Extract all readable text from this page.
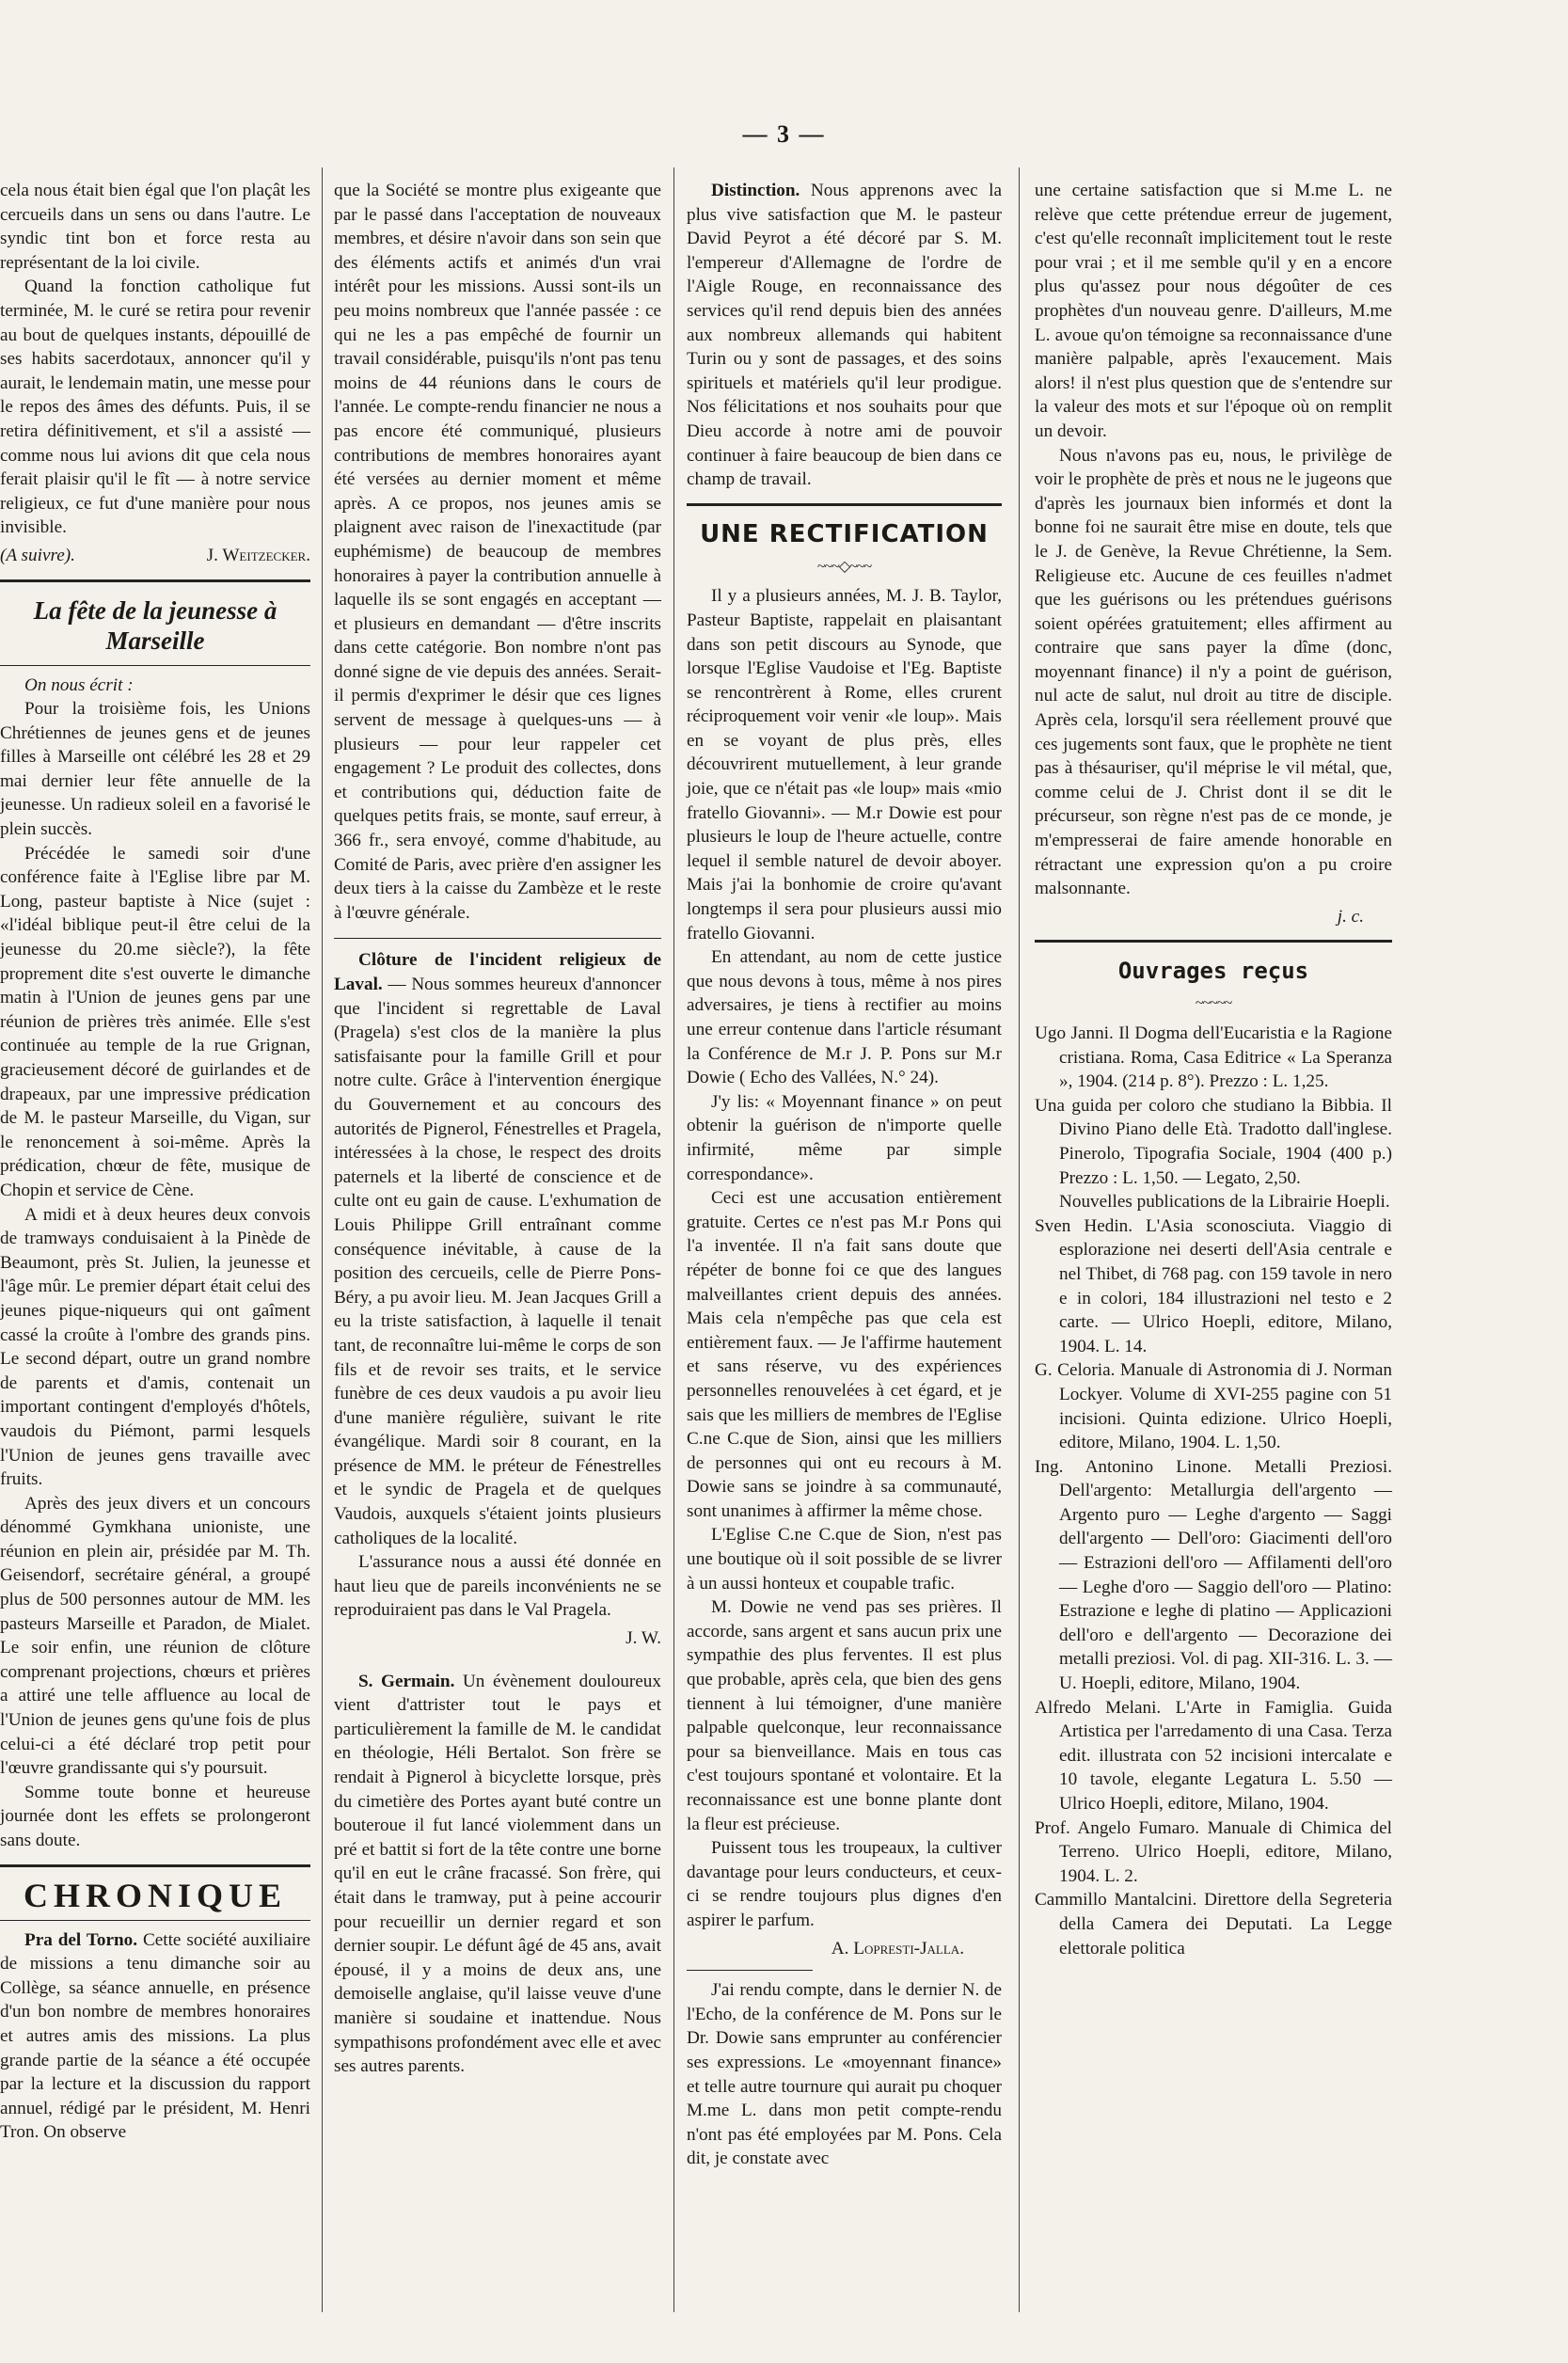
— 3 —

cela nous était bien égal que l'on plaçât les cercueils dans un sens ou dans l'autre. Le syndic tint bon et force resta au représentant de la loi civile.

Quand la fonction catholique fut terminée, M. le curé se retira pour revenir au bout de quelques instants, dépouillé de ses habits sacerdotaux, annoncer qu'il y aurait, le lendemain matin, une messe pour le repos des âmes des défunts. Puis, il se retira définitivement, et s'il a assisté — comme nous lui avions dit que cela nous ferait plaisir qu'il le fît — à notre service religieux, ce fut d'une manière pour nous invisible.

(A suivre).	J. Weitzecker.
La fête de la jeunesse à Marseille

On nous écrit :

Pour la troisième fois, les Unions Chrétiennes de jeunes gens et de jeunes filles à Marseille ont célébré les 28 et 29 mai dernier leur fête annuelle de la jeunesse. Un radieux soleil en a favorisé le plein succès.

Précédée le samedi soir d'une conférence faite à l'Eglise libre par M. Long, pasteur baptiste à Nice (sujet : «l'idéal biblique peut-il être celui de la jeunesse du 20.me siècle?), la fête proprement dite s'est ouverte le dimanche matin à l'Union de jeunes gens par une réunion de prières très animée. Elle s'est continuée au temple de la rue Grignan, gracieusement décoré de guirlandes et de drapeaux, par une impressive prédication de M. le pasteur Marseille, du Vigan, sur le renoncement à soi-même. Après la prédication, chœur de fête, musique de Chopin et service de Cène.

A midi et à deux heures deux convois de tramways conduisaient à la Pinède de Beaumont, près St. Julien, la jeunesse et l'âge mûr. Le premier départ était celui des jeunes pique-niqueurs qui ont gaîment cassé la croûte à l'ombre des grands pins. Le second départ, outre un grand nombre de parents et d'amis, contenait un important contingent d'employés d'hôtels, vaudois du Piémont, parmi lesquels l'Union de jeunes gens travaille avec fruits.

Après des jeux divers et un concours dénommé Gymkhana unioniste, une réunion en plein air, présidée par M. Th. Geisendorf, secrétaire général, a groupé plus de 500 personnes autour de MM. les pasteurs Marseille et Paradon, de Mialet. Le soir enfin, une réunion de clôture comprenant projections, chœurs et prières a attiré une telle affluence au local de l'Union de jeunes gens qu'une fois de plus celui-ci a été déclaré trop petit pour l'œuvre grandissante qui s'y poursuit.

Somme toute bonne et heureuse journée dont les effets se prolongeront sans doute.

CHRONIQUE

Pra del Torno. Cette société auxiliaire de missions a tenu dimanche soir au Collège, sa séance annuelle, en présence d'un bon nombre de membres honoraires et autres amis des missions. La plus grande partie de la séance a été occupée par la lecture et la discussion du rapport annuel, rédigé par le président, M. Henri Tron. On observe

que la Société se montre plus exigeante que par le passé dans l'acceptation de nouveaux membres, et désire n'avoir dans son sein que des éléments actifs et animés d'un vrai intérêt pour les missions. Aussi sont-ils un peu moins nombreux que l'année passée : ce qui ne les a pas empêché de fournir un travail considérable, puisqu'ils n'ont pas tenu moins de 44 réunions dans le cours de l'année. Le compte-rendu financier ne nous a pas encore été communiqué, plusieurs contributions de membres honoraires ayant été versées au dernier moment et même après. A ce propos, nos jeunes amis se plaignent avec raison de l'inexactitude (par euphémisme) de beaucoup de membres honoraires à payer la contribution annuelle à laquelle ils se sont engagés en acceptant — et plusieurs en demandant — d'être inscrits dans cette catégorie. Bon nombre n'ont pas donné signe de vie depuis des années. Serait-il permis d'exprimer le désir que ces lignes servent de message à quelques-uns — à plusieurs — pour leur rappeler cet engagement ? Le produit des collectes, dons et contributions qui, déduction faite de quelques petits frais, se monte, sauf erreur, à 366 fr., sera envoyé, comme d'habitude, au Comité de Paris, avec prière d'en assigner les deux tiers à la caisse du Zambèze et le reste à l'œuvre générale.

Clôture de l'incident religieux de Laval. — Nous sommes heureux d'annoncer que l'incident si regrettable de Laval (Pragela) s'est clos de la manière la plus satisfaisante pour la famille Grill et pour notre culte. Grâce à l'intervention énergique du Gouvernement et au concours des autorités de Pignerol, Fénestrelles et Pragela, intéressées à la chose, le respect des droits paternels et la liberté de conscience et de culte ont eu gain de cause. L'exhumation de Louis Philippe Grill entraînant comme conséquence inévitable, à cause de la position des cercueils, celle de Pierre Pons-Béry, a pu avoir lieu. M. Jean Jacques Grill a eu la triste satisfaction, à laquelle il tenait tant, de reconnaître lui-même le corps de son fils et de revoir ses traits, et le service funèbre de ces deux vaudois a pu avoir lieu d'une manière régulière, suivant le rite évangélique. Mardi soir 8 courant, en la présence de MM. le préteur de Fénestrelles et le syndic de Pragela et de quelques Vaudois, auxquels s'étaient joints plusieurs catholiques de la localité.

L'assurance nous a aussi été donnée en haut lieu que de pareils inconvénients ne se reproduiraient pas dans le Val Pragela.

J. W.

S. Germain. Un évènement douloureux vient d'attrister tout le pays et particulièrement la famille de M. le candidat en théologie, Héli Bertalot. Son frère se rendait à Pignerol à bicyclette lorsque, près du cimetière des Portes ayant buté contre un bouteroue il fut lancé violemment dans un pré et battit si fort de la tête contre une borne qu'il en eut le crâne fracassé. Son frère, qui était dans le tramway, put à peine accourir pour recueillir un dernier regard et son dernier soupir. Le défunt âgé de 45 ans, avait épousé, il y a moins de deux ans, une demoiselle anglaise, qu'il laisse veuve d'une manière si soudaine et inattendue. Nous sympathisons profondément avec elle et avec ses autres parents.

Distinction. Nous apprenons avec la plus vive satisfaction que M. le pasteur David Peyrot a été décoré par S. M. l'empereur d'Allemagne de l'ordre de l'Aigle Rouge, en reconnaissance des services qu'il rend depuis bien des années aux nombreux allemands qui habitent Turin ou y sont de passages, et des soins spirituels et matériels qu'il leur prodigue. Nos félicitations et nos souhaits pour que Dieu accorde à notre ami de pouvoir continuer à faire beaucoup de bien dans ce champ de travail.

UNE RECTIFICATION
~~~◇~~~

Il y a plusieurs années, M. J. B. Taylor, Pasteur Baptiste, rappelait en plaisantant dans son petit discours au Synode, que lorsque l'Eglise Vaudoise et l'Eg. Baptiste se rencontrèrent à Rome, elles crurent réciproquement voir venir «le loup». Mais en se voyant de plus près, elles découvrirent mutuellement, à leur grande joie, que ce n'était pas «le loup» mais «mio fratello Giovanni». — M.r Dowie est pour plusieurs le loup de l'heure actuelle, contre lequel il semble naturel de devoir aboyer. Mais j'ai la bonhomie de croire qu'avant longtemps il sera pour plusieurs aussi mio fratello Giovanni.

En attendant, au nom de cette justice que nous devons à tous, même à nos pires adversaires, je tiens à rectifier au moins une erreur contenue dans l'article résumant la Conférence de M.r J. P. Pons sur M.r Dowie ( Echo des Vallées, N.° 24).

J'y lis: « Moyennant finance » on peut obtenir la guérison de n'importe quelle infirmité, même par simple correspondance».

Ceci est une accusation entièrement gratuite. Certes ce n'est pas M.r Pons qui l'a inventée. Il n'a fait sans doute que répéter de bonne foi ce que des langues malveillantes crient depuis des années. Mais cela n'empêche pas que cela est entièrement faux. — Je l'affirme hautement et sans réserve, vu des expériences personnelles renouvelées à cet égard, et je sais que les milliers de membres de l'Eglise C.ne C.que de Sion, ainsi que les milliers de personnes qui ont eu recours à M. Dowie sans se joindre à sa communauté, sont unanimes à affirmer la même chose.

L'Eglise C.ne C.que de Sion, n'est pas une boutique où il soit possible de se livrer à un aussi honteux et coupable trafic.

M. Dowie ne vend pas ses prières. Il accorde, sans argent et sans aucun prix une sympathie des plus ferventes. Il est plus que probable, après cela, que bien des gens tiennent à lui témoigner, d'une manière palpable quelconque, leur reconnaissance pour sa bienveillance. Mais en tous cas c'est toujours spontané et volontaire. Et la reconnaissance est une bonne plante dont la fleur est précieuse.

Puissent tous les troupeaux, la cultiver davantage pour leurs conducteurs, et ceux-ci se rendre toujours plus dignes d'en aspirer le parfum.

A. Lopresti-Jalla.

J'ai rendu compte, dans le dernier N. de l'Echo, de la conférence de M. Pons sur le Dr. Dowie sans emprunter au conférencier ses expressions. Le «moyennant finance» et telle autre tournure qui aurait pu choquer M.me L. dans mon petit compte-rendu n'ont pas été employées par M. Pons. Cela dit, je constate avec

une certaine satisfaction que si M.me L. ne relève que cette prétendue erreur de jugement, c'est qu'elle reconnaît implicitement tout le reste pour vrai ; et il me semble qu'il y en a encore plus qu'assez pour nous dégoûter de ces prophètes d'un nouveau genre. D'ailleurs, M.me L. avoue qu'on témoigne sa reconnaissance d'une manière palpable, après l'exaucement. Mais alors! il n'est plus question que de s'entendre sur la valeur des mots et sur l'époque où on remplit un devoir.

Nous n'avons pas eu, nous, le privilège de voir le prophète de près et nous ne le jugeons que d'après les journaux bien informés et dont la bonne foi ne saurait être mise en doute, tels que le J. de Genève, la Revue Chrétienne, la Sem. Religieuse etc. Aucune de ces feuilles n'admet que les guérisons ou les prétendues guérisons soient opérées gratuitement; elles affirment au contraire que sans payer la dîme (donc, moyennant finance) il n'y a point de guérison, nul acte de salut, nul droit au titre de disciple. Après cela, lorsqu'il sera réellement prouvé que ces jugements sont faux, que le prophète ne tient pas à thésauriser, qu'il méprise le vil métal, que, comme celui de J. Christ dont il se dit le précurseur, son règne n'est pas de ce monde, je m'empresserai de faire amende honorable en rétractant une expression qu'on a pu croire malsonnante.

j. c.
Ouvrages reçus
~~~~~

Ugo Janni. Il Dogma dell'Eucaristia e la Ragione cristiana. Roma, Casa Editrice « La Speranza », 1904. (214 p. 8°). Prezzo : L. 1,25.

Una guida per coloro che studiano la Bibbia. Il Divino Piano delle Età. Tradotto dall'inglese. Pinerolo, Tipografia Sociale, 1904 (400 p.) Prezzo : L. 1,50. — Legato, 2,50.

Nouvelles publications de la Librairie Hoepli.

Sven Hedin. L'Asia sconosciuta. Viaggio di esplorazione nei deserti dell'Asia centrale e nel Thibet, di 768 pag. con 159 tavole in nero e in colori, 184 illustrazioni nel testo e 2 carte. — Ulrico Hoepli, editore, Milano, 1904. L. 14.

G. Celoria. Manuale di Astronomia di J. Norman Lockyer. Volume di XVI-255 pagine con 51 incisioni. Quinta edizione. Ulrico Hoepli, editore, Milano, 1904. L. 1,50.

Ing. Antonino Linone. Metalli Preziosi. Dell'argento: Metallurgia dell'argento — Argento puro — Leghe d'argento — Saggi dell'argento — Dell'oro: Giacimenti dell'oro — Estrazioni dell'oro — Affilamenti dell'oro — Leghe d'oro — Saggio dell'oro — Platino: Estrazione e leghe di platino — Applicazioni dell'oro e dell'argento — Decorazione dei metalli preziosi. Vol. di pag. XII-316. L. 3. — U. Hoepli, editore, Milano, 1904.

Alfredo Melani. L'Arte in Famiglia. Guida Artistica per l'arredamento di una Casa. Terza edit. illustrata con 52 incisioni intercalate e 10 tavole, elegante Legatura L. 5.50 — Ulrico Hoepli, editore, Milano, 1904.

Prof. Angelo Fumaro. Manuale di Chimica del Terreno. Ulrico Hoepli, editore, Milano, 1904. L. 2.

Cammillo Mantalcini. Direttore della Segreteria della Camera dei Deputati. La Legge elettorale politica
